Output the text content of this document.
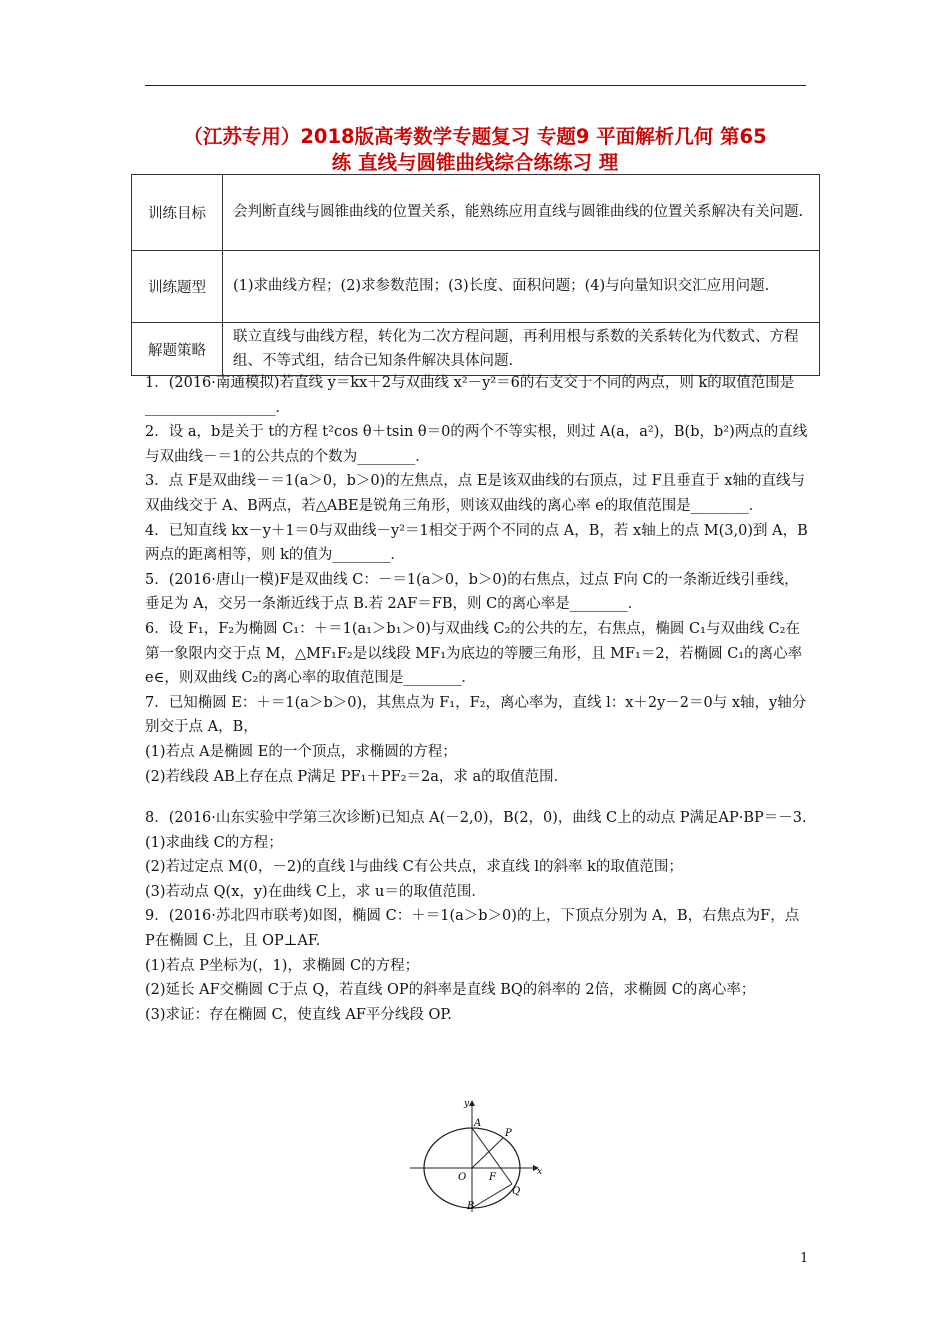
（江苏专用）2018版高考数学专题复习 专题9 平面解析几何 第65
练 直线与圆锥曲线综合练练习 理
训练目标	会判断直线与圆锥曲线的位置关系，能熟练应用直线与圆锥曲线的位置关系解决有关问题.
训练题型	(1)求曲线方程；(2)求参数范围；(3)长度、面积问题；(4)与向量知识交汇应用问题.
解题策略	联立直线与曲线方程，转化为二次方程问题，再利用根与系数的关系转化为代数式、方程组、不等式组，结合已知条件解决具体问题.

1．(2016·南通模拟)若直线 y＝kx＋2与双曲线 x²－y²＝6的右支交于不同的两点，则 k的取值范围是__________________．

2．设 a，b是关于 t的方程 t²cos θ＋tsin θ＝0的两个不等实根，则过 A(a，a²)，B(b，b²)两点的直线与双曲线－＝1的公共点的个数为________．

3．点 F是双曲线－＝1(a＞0，b＞0)的左焦点，点 E是该双曲线的右顶点，过 F且垂直于 x轴的直线与双曲线交于 A、B两点，若△ABE是锐角三角形，则该双曲线的离心率 e的取值范围是________．

4．已知直线 kx－y＋1＝0与双曲线－y²＝1相交于两个不同的点 A，B，若 x轴上的点 M(3,0)到 A，B两点的距离相等，则 k的值为________．

5．(2016·唐山一模)F是双曲线 C：－＝1(a＞0，b＞0)的右焦点，过点 F向 C的一条渐近线引垂线，垂足为 A，交另一条渐近线于点 B.若 2AF＝FB，则 C的离心率是________．

6．设 F₁，F₂为椭圆 C₁：＋＝1(a₁＞b₁＞0)与双曲线 C₂的公共的左，右焦点，椭圆 C₁与双曲线 C₂在第一象限内交于点 M，△MF₁F₂是以线段 MF₁为底边的等腰三角形，且 MF₁＝2，若椭圆 C₁的离心率 e∈，则双曲线 C₂的离心率的取值范围是________．

7．已知椭圆 E：＋＝1(a＞b＞0)，其焦点为 F₁，F₂，离心率为，直线 l：x＋2y－2＝0与 x轴，y轴分别交于点 A，B，

(1)若点 A是椭圆 E的一个顶点，求椭圆的方程；

(2)若线段 AB上存在点 P满足 PF₁＋PF₂＝2a，求 a的取值范围．

8．(2016·山东实验中学第三次诊断)已知点 A(－2,0)，B(2，0)，曲线 C上的动点 P满足AP·BP＝－3.

(1)求曲线 C的方程；

(2)若过定点 M(0，－2)的直线 l与曲线 C有公共点，求直线 l的斜率 k的取值范围；

(3)若动点 Q(x，y)在曲线 C上，求 u＝的取值范围．

9．(2016·苏北四市联考)如图，椭圆 C：＋＝1(a＞b＞0)的上，下顶点分别为 A，B，右焦点为F，点 P在椭圆 C上，且 OP⊥AF.

(1)若点 P坐标为(，1)，求椭圆 C的方程；

(2)延长 AF交椭圆 C于点 Q，若直线 OP的斜率是直线 BQ的斜率的 2倍，求椭圆 C的离心率；

(3)求证：存在椭圆 C，使直线 AF平分线段 OP.

y
A
P
O F	x
Q
B
1
